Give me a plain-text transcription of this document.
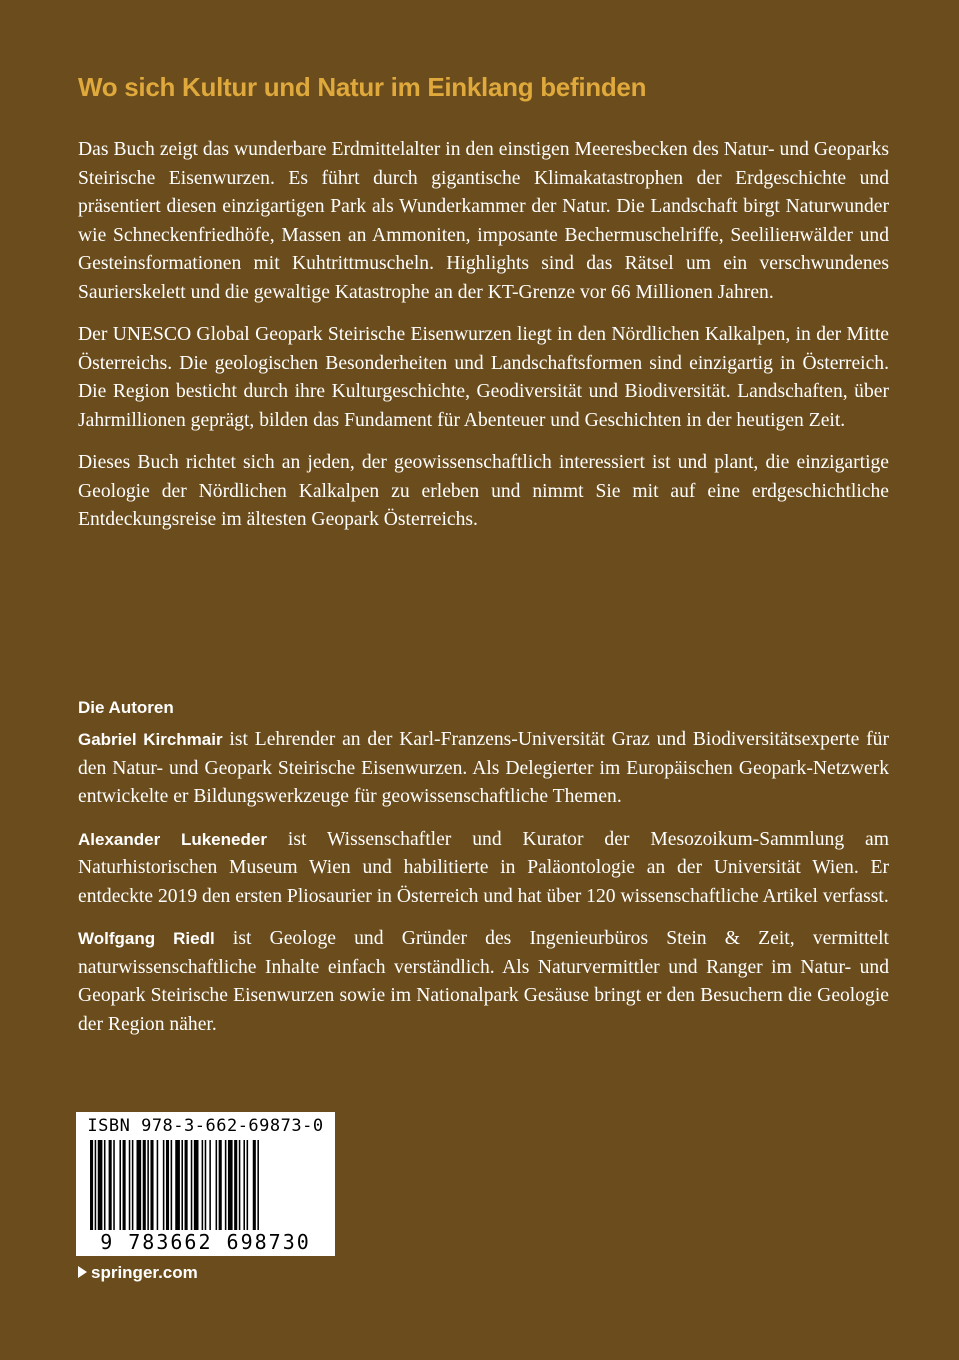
Wo sich Kultur und Natur im Einklang befinden

Das Buch zeigt das wunderbare Erdmittelalter in den einstigen Meeresbecken des Natur- und Geoparks Steirische Eisenwurzen. Es führt durch gigantische Klimakatastrophen der Erdgeschichte und präsentiert diesen einzigartigen Park als Wunderkammer der Natur. Die Landschaft birgt Naturwunder wie Schneckenfriedhöfe, Massen an Ammoniten, imposante Bechermuschelriffe, Seeliliенwälder und Gesteinsformationen mit Kuhtrittmuscheln. Highlights sind das Rätsel um ein verschwundenes Saurierskelett und die gewaltige Katastrophe an der KT-Grenze vor 66 Millionen Jahren.

Der UNESCO Global Geopark Steirische Eisenwurzen liegt in den Nördlichen Kalkalpen, in der Mitte Österreichs. Die geologischen Besonderheiten und Landschaftsformen sind einzigartig in Österreich. Die Region besticht durch ihre Kulturgeschichte, Geodiversität und Biodiversität. Landschaften, über Jahrmillionen geprägt, bilden das Fundament für Abenteuer und Geschichten in der heutigen Zeit.

Dieses Buch richtet sich an jeden, der geowissenschaftlich interessiert ist und plant, die einzigartige Geologie der Nördlichen Kalkalpen zu erleben und nimmt Sie mit auf eine erdgeschichtliche Entdeckungsreise im ältesten Geopark Österreichs.

Die Autoren

Gabriel Kirchmair ist Lehrender an der Karl-Franzens-Universität Graz und Biodiversitätsexperte für den Natur- und Geopark Steirische Eisenwurzen. Als Delegierter im Europäischen Geopark-Netzwerk entwickelte er Bildungswerkzeuge für geowissenschaftliche Themen.

Alexander Lukeneder ist Wissenschaftler und Kurator der Mesozoikum-Sammlung am Naturhistorischen Museum Wien und habilitierte in Paläontologie an der Universität Wien. Er entdeckte 2019 den ersten Pliosaurier in Österreich und hat über 120 wissenschaftliche Artikel verfasst.

Wolfgang Riedl ist Geologe und Gründer des Ingenieurbüros Stein & Zeit, vermittelt naturwissenschaftliche Inhalte einfach verständlich. Als Naturvermittler und Ranger im Natur- und Geopark Steirische Eisenwurzen sowie im Nationalpark Gesäuse bringt er den Besuchern die Geologie der Region näher.

ISBN 978-3-662-69873-0
9 783662 698730
springer.com
